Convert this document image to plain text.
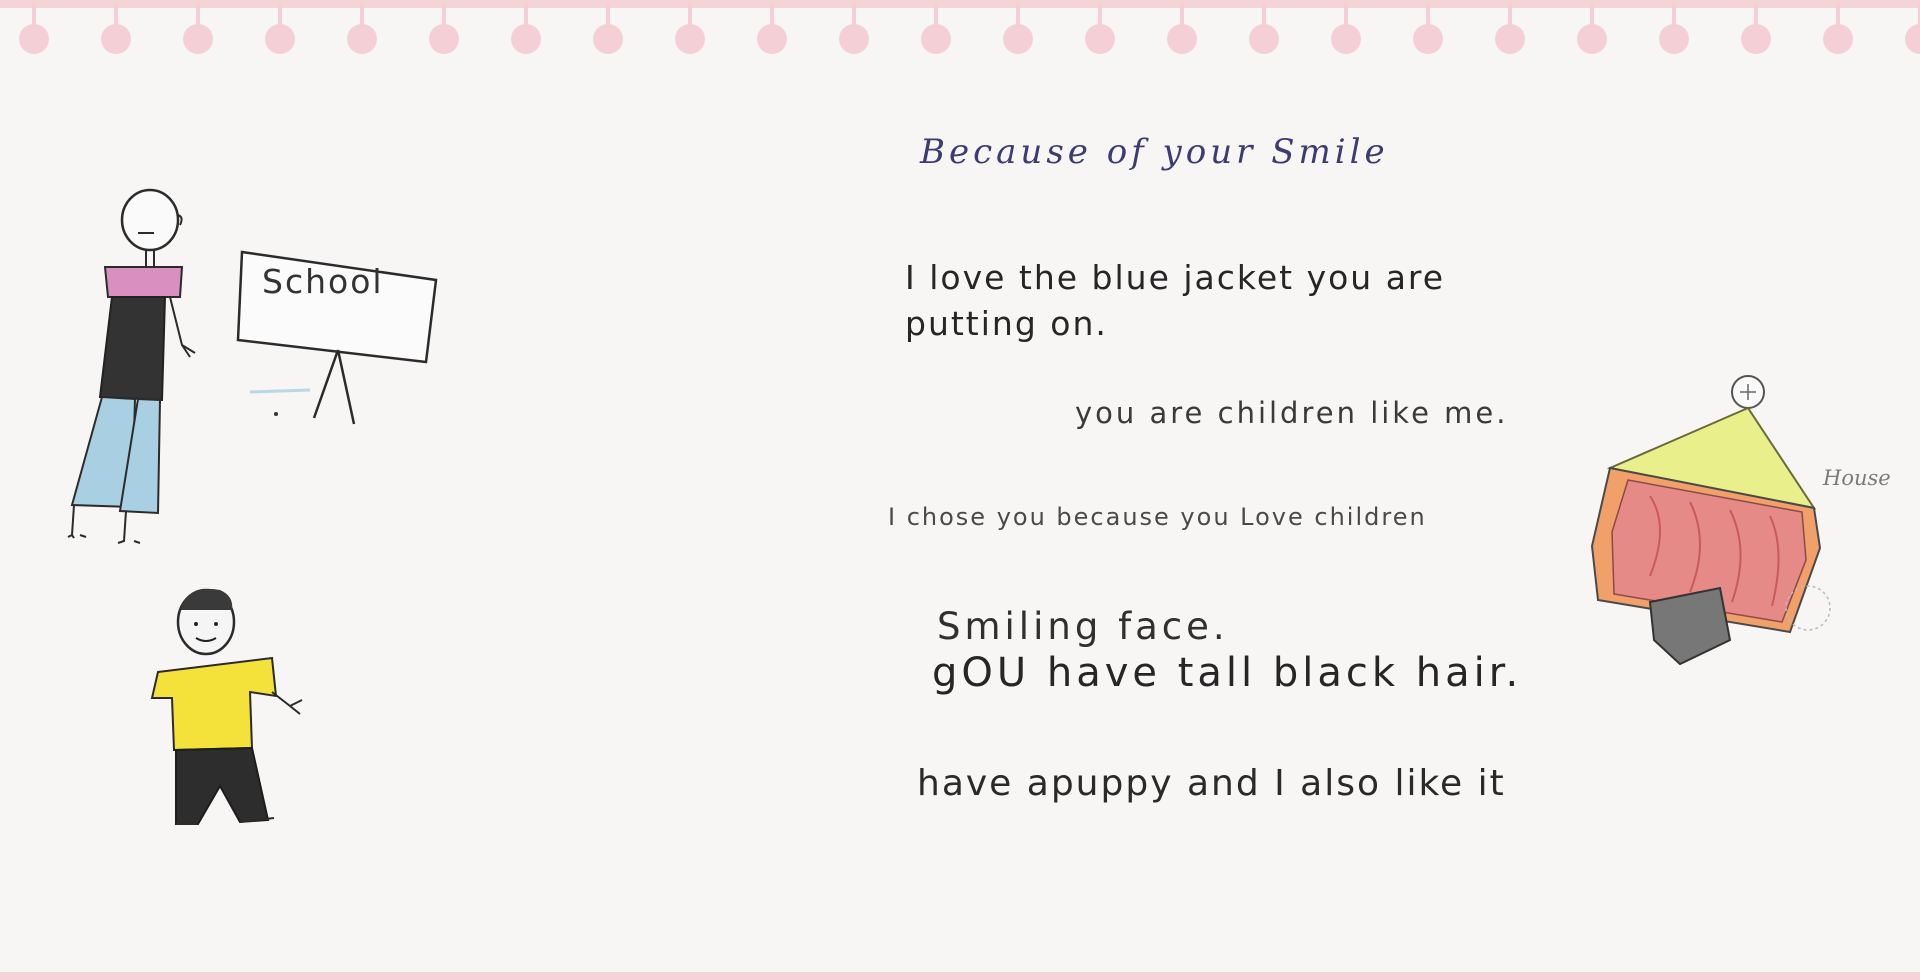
Because of your Smile
I love the blue jacket you are
putting on.
you are children like me.
I chose you because you Love children
Smiling face.
gOU have tall black hair.
have apuppy and I also like it
School
House
